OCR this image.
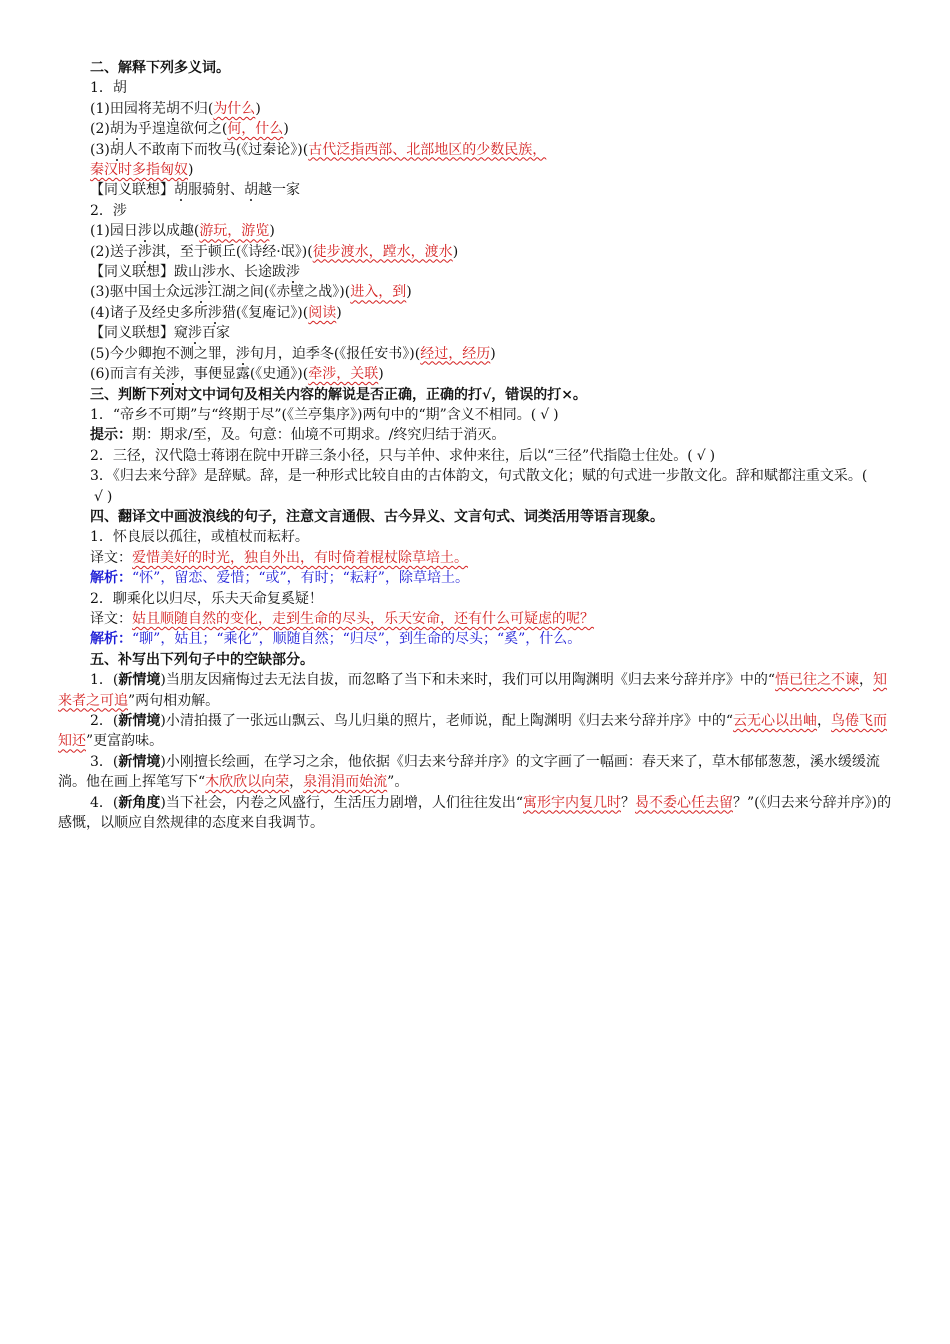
二、解释下列多义词。
1．胡
(1)田园将芜胡不归(为什么)
(2)胡为乎遑遑欲何之(何，什么)
(3)胡人不敢南下而牧马(《过秦论》)(古代泛指西部、北部地区的少数民族，
秦汉时多指匈奴)
【同义联想】胡服骑射、胡越一家
2．涉
(1)园日涉以成趣(游玩，游览)
(2)送子涉淇，至于顿丘(《诗经·氓》)(徒步渡水，蹚水，渡水)
【同义联想】跋山涉水、长途跋涉
(3)驱中国士众远涉江湖之间(《赤壁之战》)(进入，到)
(4)诸子及经史多所涉猎(《复庵记》)(阅读)
【同义联想】窥涉百家
(5)今少卿抱不测之罪，涉旬月，迫季冬(《报任安书》)(经过，经历)
(6)而言有关涉，事便显露(《史通》)(牵涉，关联)
三、判断下列对文中词句及相关内容的解说是否正确，正确的打√，错误的打×。
1．“帝乡不可期”与“终期于尽”(《兰亭集序》)两句中的“期”含义不相同。( √ )
提示：期：期求/至，及。句意：仙境不可期求。/终究归结于消灭。
2．三径，汉代隐士蒋诩在院中开辟三条小径，只与羊仲、求仲来往，后以“三径”代指隐士住处。( √ )
3．《归去来兮辞》是辞赋。辞，是一种形式比较自由的古体韵文，句式散文化；赋的句式进一步散文化。辞和赋都注重文采。(√ )
四、翻译文中画波浪线的句子，注意文言通假、古今异义、文言句式、词类活用等语言现象。
1．怀良辰以孤往，或植杖而耘耔。
译文：爱惜美好的时光，独自外出，有时倚着棍杖除草培土。
解析：“怀”，留恋、爱惜；“或”，有时；“耘耔”，除草培土。
2．聊乘化以归尽，乐夫天命复奚疑！
译文：姑且顺随自然的变化，走到生命的尽头，乐天安命，还有什么可疑虑的呢？
解析：“聊”，姑且；“乘化”，顺随自然；“归尽”，到生命的尽头；“奚”，什么。
五、补写出下列句子中的空缺部分。
1．(新情境)当朋友因痛悔过去无法自拔，而忽略了当下和未来时，我们可以用陶渊明《归去来兮辞并序》中的“悟已往之不谏，知来者之可追”两句相劝解。
2．(新情境)小清拍摄了一张远山飘云、鸟儿归巢的照片，老师说，配上陶渊明《归去来兮辞并序》中的“云无心以出岫，鸟倦飞而知还”更富韵味。
3．(新情境)小刚擅长绘画，在学习之余，他依据《归去来兮辞并序》的文字画了一幅画：春天来了，草木郁郁葱葱，溪水缓缓流淌。他在画上挥笔写下“木欣欣以向荣，泉涓涓而始流”。
4．(新角度)当下社会，内卷之风盛行，生活压力剧增，人们往往发出“寓形宇内复几时？曷不委心任去留？”(《归去来兮辞并序》)的感慨，以顺应自然规律的态度来自我调节。
